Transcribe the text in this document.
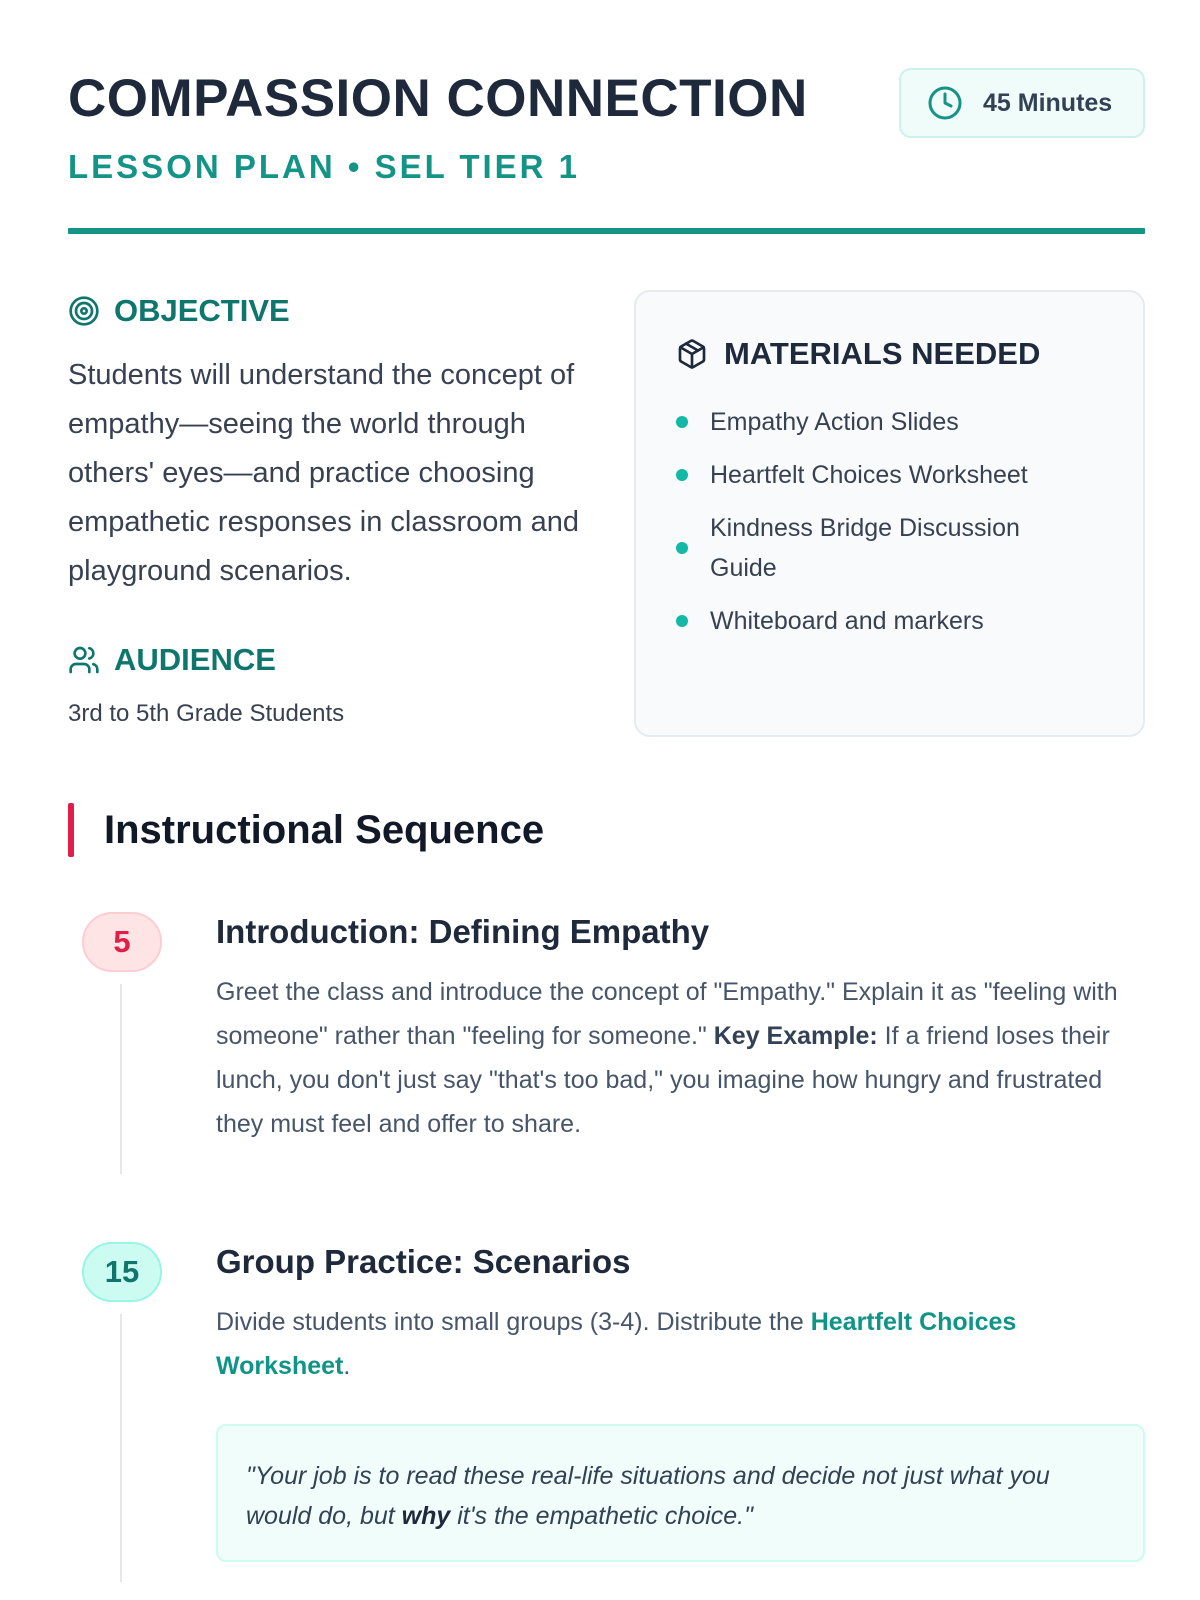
COMPASSION CONNECTION
LESSON PLAN • SEL TIER 1
45 Minutes
OBJECTIVE

Students will understand the concept of empathy—seeing the world through others' eyes—and practice choosing empathetic responses in classroom and playground scenarios.

AUDIENCE

3rd to 5th Grade Students

MATERIALS NEEDED
Empathy Action Slides
Heartfelt Choices Worksheet
Kindness Bridge Discussion Guide
Whiteboard and markers
Instructional Sequence
5	Introduction: Defining Empathy

Greet the class and introduce the concept of "Empathy." Explain it as "feeling with someone" rather than "feeling for someone." Key Example: If a friend loses their lunch, you don't just say "that's too bad," you imagine how hungry and frustrated they must feel and offer to share.

15	Group Practice: Scenarios

Divide students into small groups (3-4). Distribute the Heartfelt Choices Worksheet.

"Your job is to read these real-life situations and decide not just what you would do, but why it's the empathetic choice."
